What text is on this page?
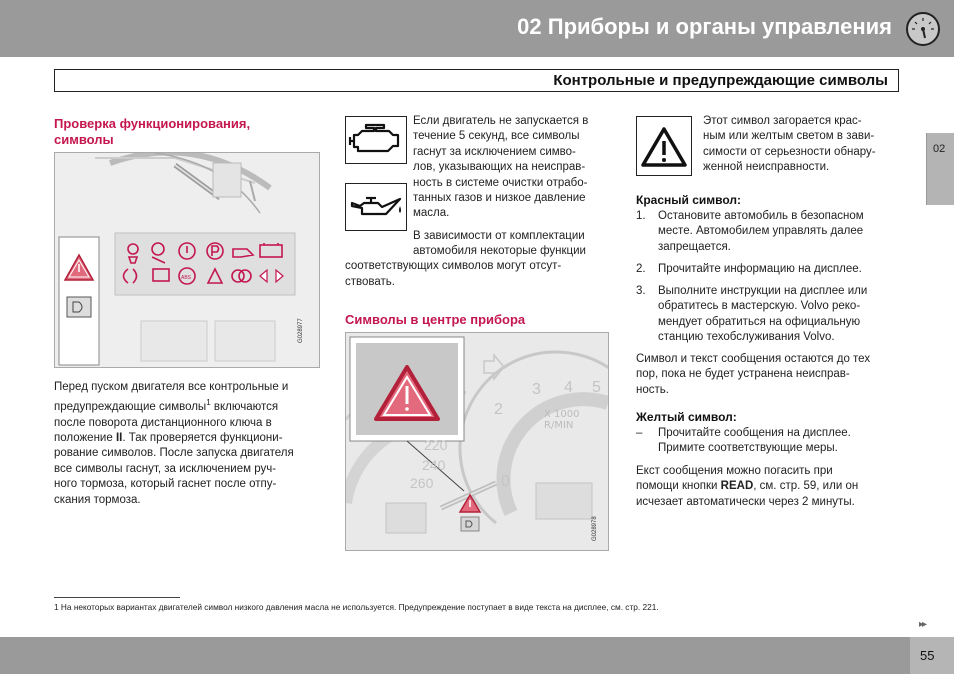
02 Приборы и органы управления
Контрольные и предупреждающие символы
02
Проверка функционирования,
символы
ABS
G028977
Перед пуском двигателя все контрольные и
предупреждающие символы$^1$ включаются
после поворота дистанционного ключа в
положение II. Так проверяется функциони-
рование символов. После запуска двигателя
все символы гаснут, за исключением руч-
ного тормоза, который гаснет после отпу-
скания тормоза.
Если двигатель не запускается в
течение 5 секунд, все символы
гаснут за исключением симво-
лов, указывающих на неисправ-
ность в системе очистки отрабо-
танных газов и низкое давление
масла.
В зависимости от комплектации
автомобиля некоторые функции
соответствующих символов могут отсут-
ствовать.
Символы в центре прибора
X 1000 R/MIN
2
3 4 5
220
240
260	0
G028978
Этот символ загорается крас-
ным или желтым светом в зави-
симости от серьезности обнару-
женной неисправности.
Красный символ:
1. Остановите автомобиль в безопасном
месте. Автомобилем управлять далее
запрещается.
2. Прочитайте информацию на дисплее.
3. Выполните инструкции на дисплее или
обратитесь в мастерскую. Volvo реко-
мендует обратиться на официальную
станцию техобслуживания Volvo.
Символ и текст сообщения остаются до тех
пор, пока не будет устранена неисправ-
ность.
Желтый символ:
– Прочитайте сообщения на дисплее.
Примите соответствующие меры.
Екст сообщения можно погасить при
помощи кнопки READ, см. стр. 59, или он
исчезает автоматически через 2 минуты.
1 На некоторых вариантах двигателей символ низкого давления масла не используется. Предупреждение поступает в виде текста на дисплее, см. стр. 221.
▸▸
55
